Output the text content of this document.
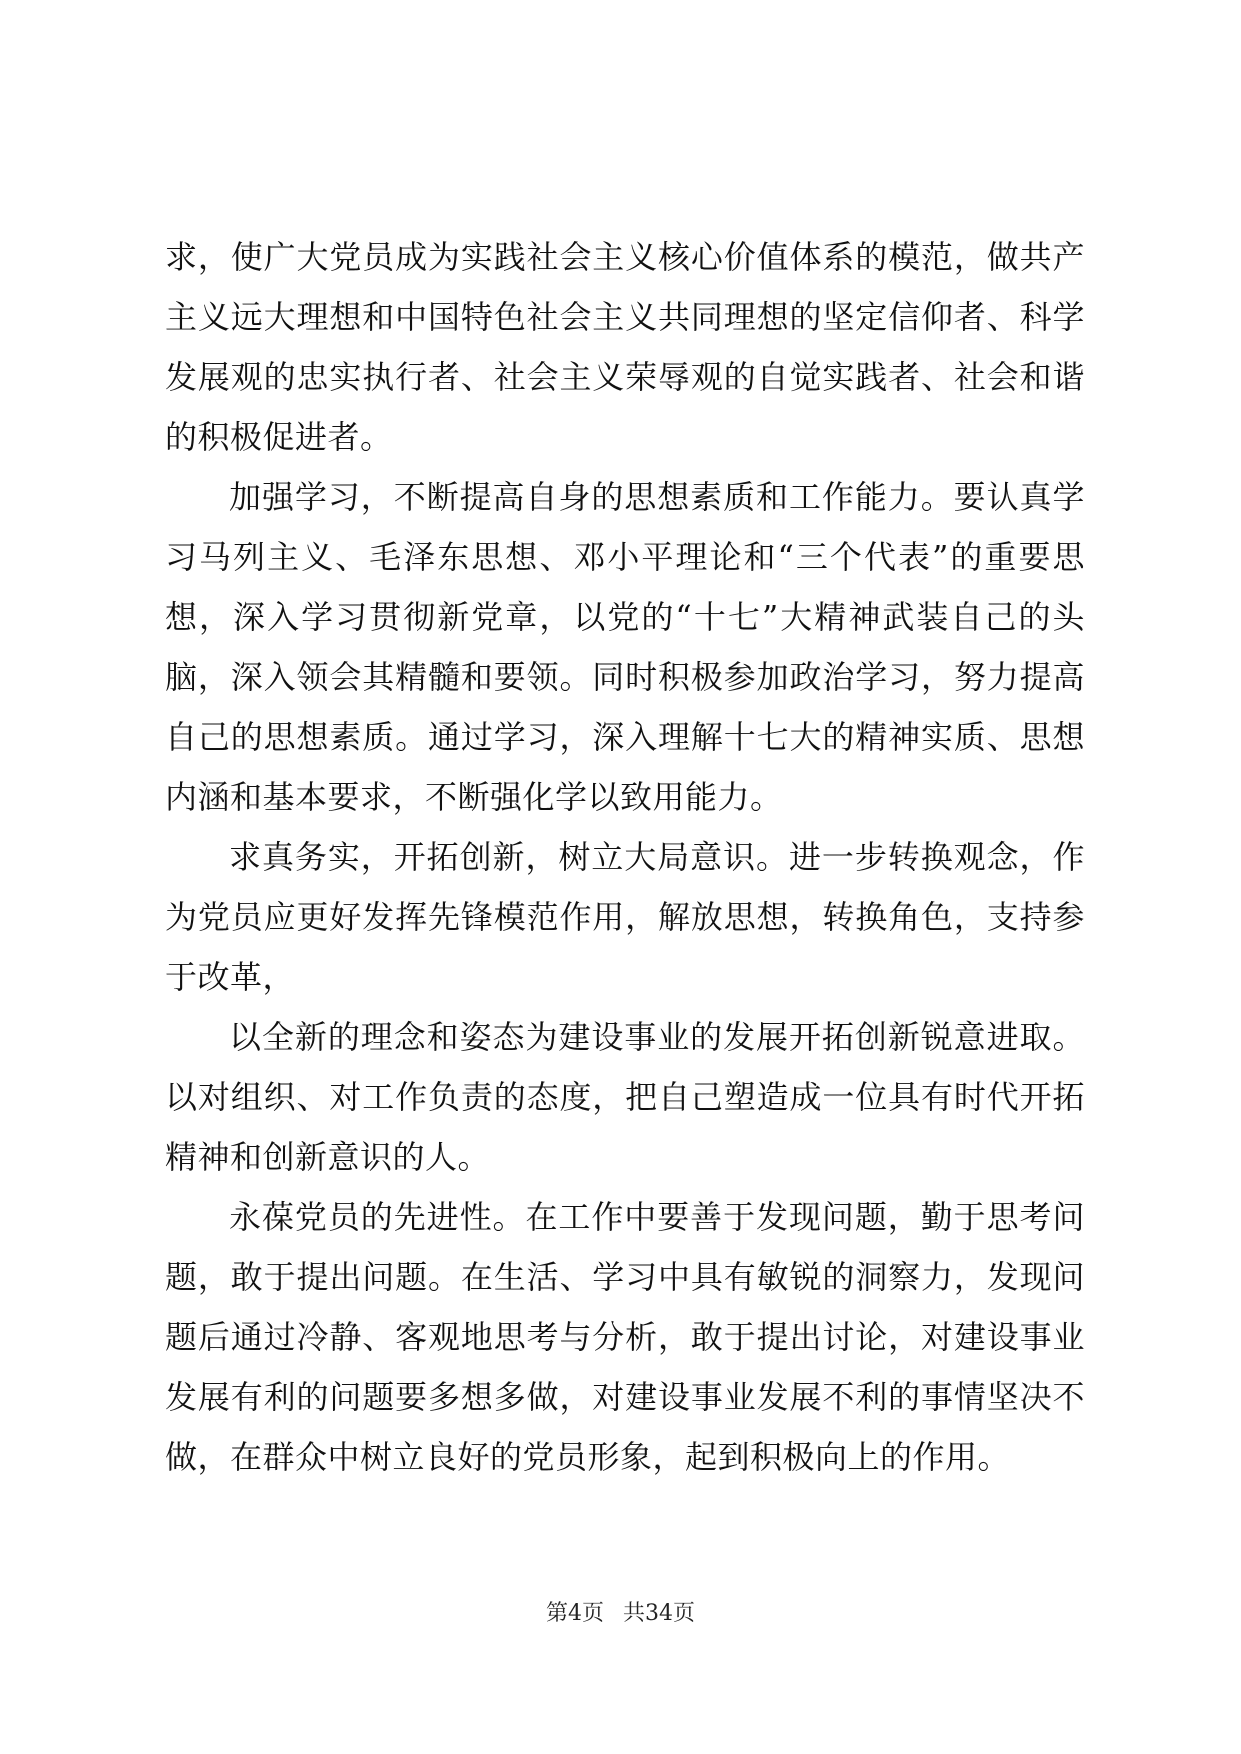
求，使广大党员成为实践社会主义核心价值体系的模范，做共产主义远大理想和中国特色社会主义共同理想的坚定信仰者、科学发展观的忠实执行者、社会主义荣辱观的自觉实践者、社会和谐的积极促进者。

加强学习，不断提高自身的思想素质和工作能力。要认真学习马列主义、毛泽东思想、邓小平理论和“三个代表”的重要思想，深入学习贯彻新党章，以党的“十七”大精神武装自己的头脑，深入领会其精髓和要领。同时积极参加政治学习，努力提高自己的思想素质。通过学习，深入理解十七大的精神实质、思想内涵和基本要求，不断强化学以致用能力。

求真务实，开拓创新，树立大局意识。进一步转换观念，作为党员应更好发挥先锋模范作用，解放思想，转换角色，支持参于改革，

以全新的理念和姿态为建设事业的发展开拓创新锐意进取。以对组织、对工作负责的态度，把自己塑造成一位具有时代开拓精神和创新意识的人。

永葆党员的先进性。在工作中要善于发现问题，勤于思考问题，敢于提出问题。在生活、学习中具有敏锐的洞察力，发现问题后通过冷静、客观地思考与分析，敢于提出讨论，对建设事业发展有利的问题要多想多做，对建设事业发展不利的事情坚决不做，在群众中树立良好的党员形象，起到积极向上的作用。

第4页 共34页
